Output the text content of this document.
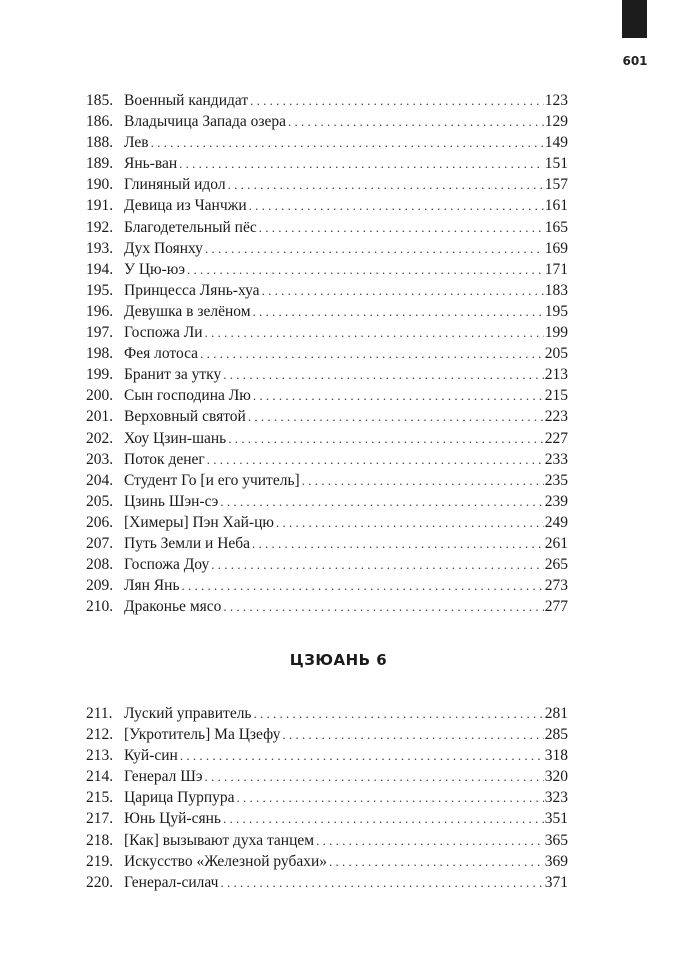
601
185. Военный кандидат . . .	123
186. Владычица Запада озера . . .	129
188. Лев . . .	149
189. Янь-ван . . .	151
190. Глиняный идол . . .	157
191. Девица из Чанчжи . . .	161
192. Благодетельный пёс . . .	165
193. Дух Поянху . . .	169
194. У Цю-юэ . . .	171
195. Принцесса Лянь-хуа . . .	183
196. Девушка в зелёном . . .	195
197. Госпожа Ли . . .	199
198. Фея лотоса . . .	205
199. Бранит за утку . . .	213
200. Сын господина Лю . . .	215
201. Верховный святой . . .	223
202. Хоу Цзин-шань . . .	227
203. Поток денег . . .	233
204. Студент Го [и его учитель] . . .	235
205. Цзинь Шэн-сэ . . .	239
206. [Химеры] Пэн Хай-цю . . .	249
207. Путь Земли и Неба . . .	261
208. Госпожа Доу . . .	265
209. Лян Янь . . .	273
210. Драконье мясо . . .	277
ЦЗЮАНЬ 6
211. Луский управитель . . .	281
212. [Укротитель] Ма Цзефу . . .	285
213. Куй-син . . .	318
214. Генерал Шэ . . .	320
215. Царица Пурпура . . .	323
217. Юнь Цуй-сянь . . .	351
218. [Как] вызывают духа танцем . . .	365
219. Искусство «Железной рубахи» . . .	369
220. Генерал-силач . . .	371
